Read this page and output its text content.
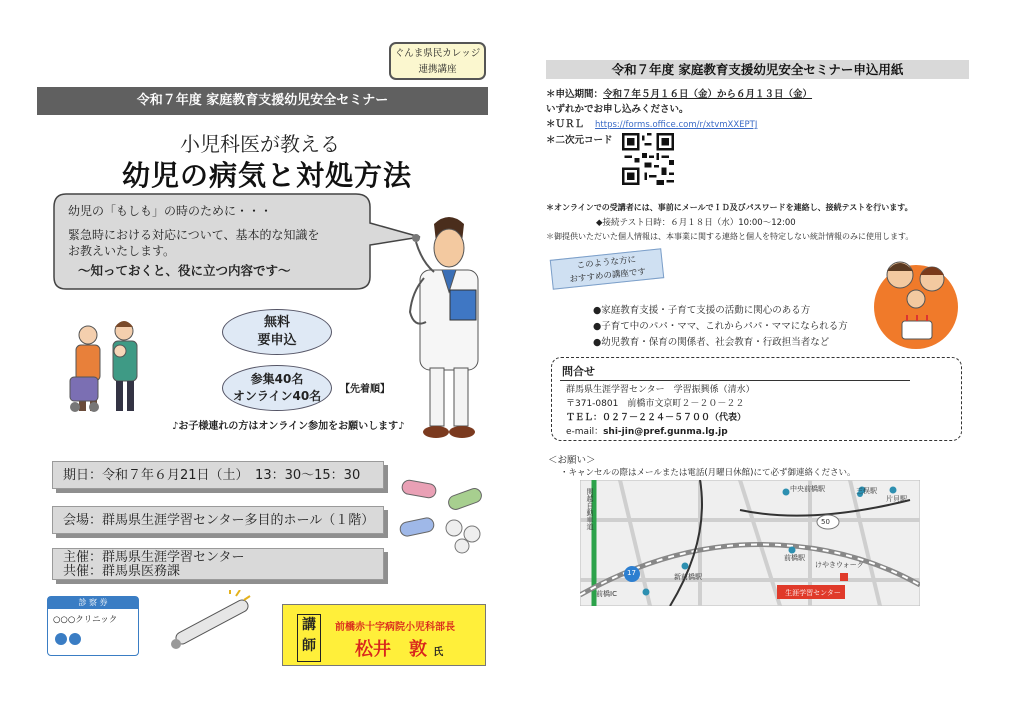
ぐんま県民カレッジ
連携講座
令和７年度 家庭教育支援幼児安全セミナー
小児科医が教える
幼児の病気と対処方法
幼児の「もしも」の時のために・・・
緊急時における対応について、基本的な知識を
お教えいたします。
～知っておくと、役に立つ内容です～
無料
要申込
参集40名
オンライン40名	【先着順】
♪お子様連れの方はオンライン参加をお願いします♪
期日：令和７年６月21日（土）　13：30～15：30
会場：群馬県生涯学習センター多目的ホール（１階）
主催：群馬県生涯学習センター
共催：群馬県医務課
診 察 券
○○○クリニック	講
師
前橋赤十字病院小児科部長
松井　敦 氏
令和７年度 家庭教育支援幼児安全セミナー申込用紙
＊申込期間：令和７年５月１６日（金）から６月１３日（金）
いずれかでお申し込みください。
＊ＵＲＬ https://forms.office.com/r/xtvmXXEPTJ
＊二次元コード
＊オンラインでの受講者には、事前にメールでＩＤ及びパスワードを連絡し、接続テストを行います。
◆接続テスト日時：６月１８日（水）10:00～12:00
＊御提供いただいた個人情報は、本事業に関する連絡と個人を特定しない統計情報のみに使用します。
このような方に
おすすめの講座です
●家庭教育支援・子育て支援の活動に関心のある方
●子育て中のパパ・ママ、これからパパ・ママになられる方
●幼児教育・保育の関係者、社会教育・行政担当者など
問合せ
群馬県生涯学習センター　学習振興係（清水）
〒371-0801　前橋市文京町２－２０－２２
ＴＥＬ：０２７－２２４－５７００（代表）
e-mail：shi-jin@pref.gunma.lg.jp
＜お願い＞
・キャンセルの際はメールまたは電話(月曜日休館)にて必ず御連絡ください。
関越自動車道
前橋IC
新前橋駅
中央前橋駅	三俣駅
片貝駅
前橋駅
けやきウォーク
生涯学習センター
50
17
